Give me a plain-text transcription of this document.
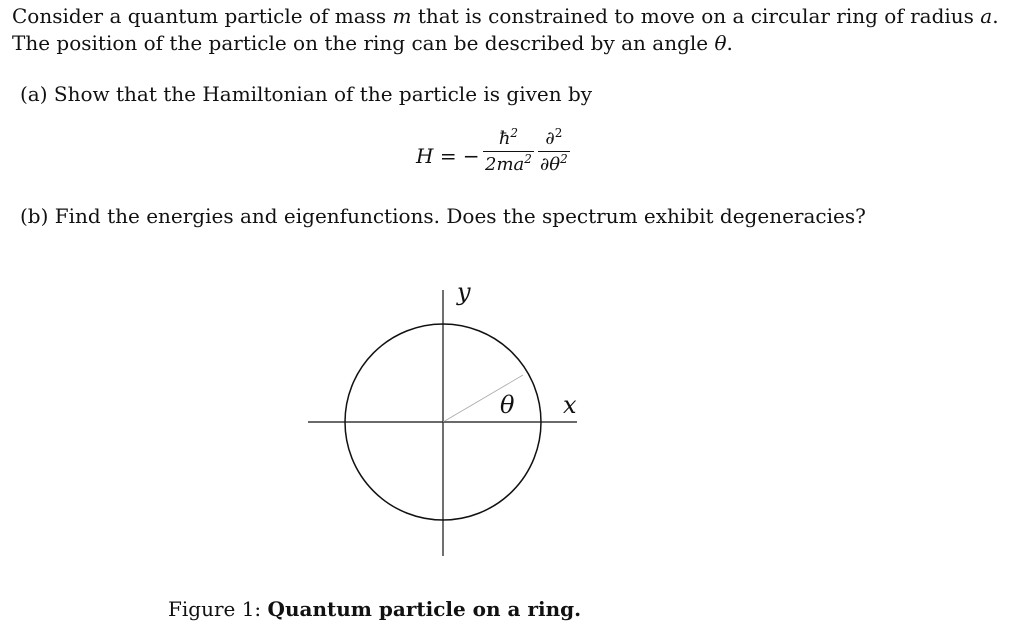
Consider a quantum particle of mass m that is constrained to move on a circular ring of radius a.
The position of the particle on the ring can be described by an angle θ.
(a) Show that the Hamiltonian of the particle is given by
H = − $\frac{ħ^2}{2ma^2} \frac{\partial^2}{\partial\theta^2}$
(b) Find the energies and eigenfunctions. Does the spectrum exhibit degeneracies?
y
x
θ
Figure 1: Quantum particle on a ring.
